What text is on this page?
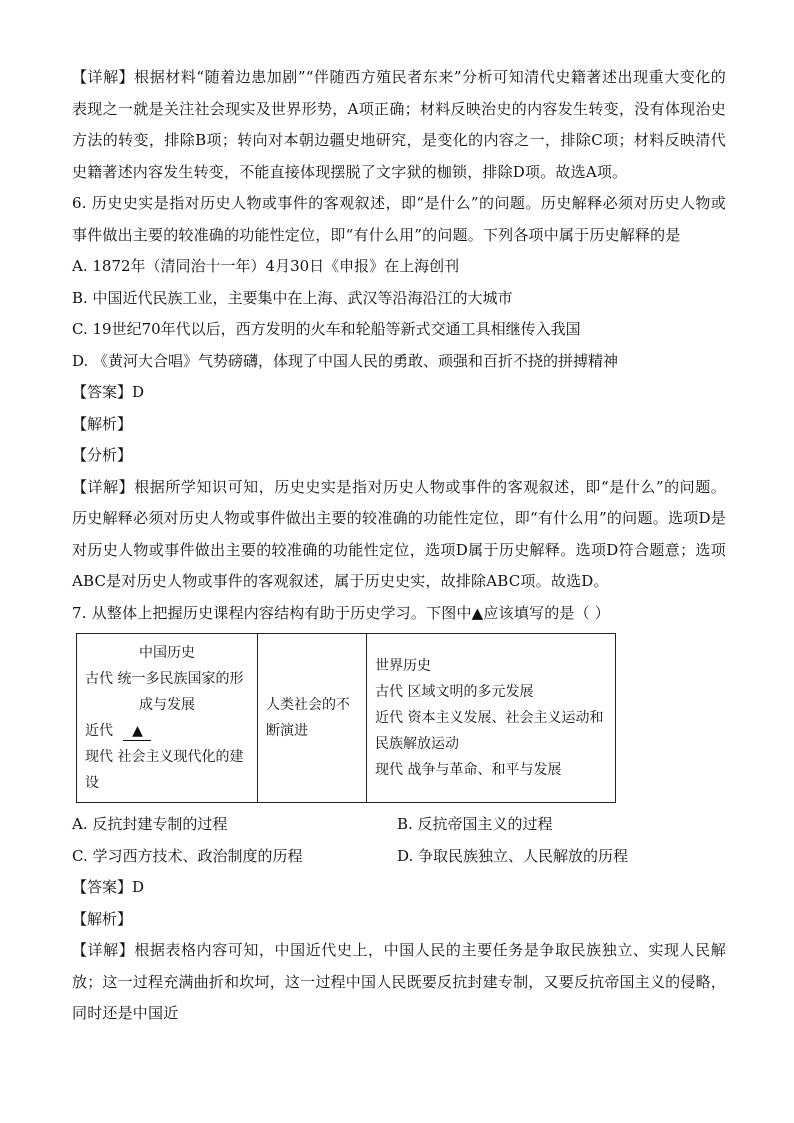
【详解】根据材料“随着边患加剧”“伴随西方殖民者东来”分析可知清代史籍著述出现重大变化的表现之一就是关注社会现实及世界形势，A项正确；材料反映治史的内容发生转变，没有体现治史方法的转变，排除B项；转向对本朝边疆史地研究，是变化的内容之一，排除C项；材料反映清代史籍著述内容发生转变，不能直接体现摆脱了文字狱的枷锁，排除D项。故选A项。

6. 历史史实是指对历史人物或事件的客观叙述，即“是什么”的问题。历史解释必须对历史人物或事件做出主要的较准确的功能性定位，即“有什么用”的问题。下列各项中属于历史解释的是

A. 1872年（清同治十一年）4月30日《申报》在上海创刊

B. 中国近代民族工业，主要集中在上海、武汉等沿海沿江的大城市

C. 19世纪70年代以后，西方发明的火车和轮船等新式交通工具相继传入我国

D. 《黄河大合唱》气势磅礴，体现了中国人民的勇敢、顽强和百折不挠的拼搏精神

【答案】D

【解析】

【分析】

【详解】根据所学知识可知，历史史实是指对历史人物或事件的客观叙述，即“是什么”的问题。历史解释必须对历史人物或事件做出主要的较准确的功能性定位，即“有什么用”的问题。选项D是对历史人物或事件做出主要的较准确的功能性定位，选项D属于历史解释。选项D符合题意；选项ABC是对历史人物或事件的客观叙述，属于历史史实，故排除ABC项。故选D。

7. 从整体上把握历史课程内容结构有助于历史学习。下图中▲应该填写的是（ ）

中国历史
古代 统一多民族国家的形
成与发展
近代 ▲
现代 社会主义现代化的建
设

人类社会的不
断演进

世界历史
古代 区域文明的多元发展
近代 资本主义发展、社会主义运动和
民族解放运动
现代 战争与革命、和平与发展
A. 反抗封建专制的过程	B. 反抗帝国主义的过程
C. 学习西方技术、政治制度的历程	D. 争取民族独立、人民解放的历程

【答案】D

【解析】

【详解】根据表格内容可知，中国近代史上，中国人民的主要任务是争取民族独立、实现人民解放；这一过程充满曲折和坎坷，这一过程中国人民既要反抗封建专制，又要反抗帝国主义的侵略，同时还是中国近
